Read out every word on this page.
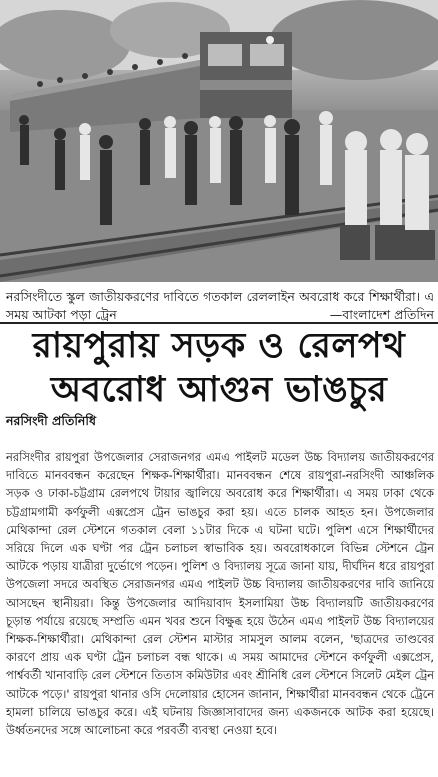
নরসিংদীতে স্কুল জাতীয়করণের দাবিতে গতকাল রেললাইন অবরোধ করে শিক্ষার্থীরা। এ সময় আটকা পড়া ট্রেন	—বাংলাদেশ প্রতিদিন
রায়পুরায় সড়ক ও রেলপথ
অবরোধ আগুন ভাঙচুর
নরসিংদী প্রতিনিধি

নরসিংদীর রায়পুরা উপজেলার সেরাজনগর এমএ পাইলট মডেল উচ্চ বিদ্যালয় জাতীয়করণের দাবিতে মানববন্ধন করেছেন শিক্ষক-শিক্ষার্থীরা। মানববন্ধন শেষে রায়পুরা-নরসিংদী আঞ্চলিক সড়ক ও ঢাকা-চট্টগ্রাম রেলপথে টায়ার জ্বালিয়ে অবরোধ করে শিক্ষার্থীরা। এ সময় ঢাকা থেকে চট্টগ্রামগামী কর্ণফুলী এক্সপ্রেস ট্রেন ভাঙচুর করা হয়। এতে চালক আহত হন। উপজেলার মেথিকান্দা রেল স্টেশনে গতকাল বেলা ১১টার দিকে এ ঘটনা ঘটে। পুলিশ এসে শিক্ষার্থীদের সরিয়ে দিলে এক ঘণ্টা পর ট্রেন চলাচল স্বাভাবিক হয়। অবরোধকালে বিভিন্ন স্টেশনে ট্রেন আটকে পড়ায় যাত্রীরা দুর্ভোগে পড়েন। পুলিশ ও বিদ্যালয় সূত্রে জানা যায়, দীর্ঘদিন ধরে রায়পুরা উপজেলা সদরে অবস্থিত সেরাজনগর এমএ পাইলট উচ্চ বিদ্যালয় জাতীয়করণের দাবি জানিয়ে আসছেন স্থানীয়রা। কিন্তু উপজেলার আদিয়াবাদ ইসলামিয়া উচ্চ বিদ্যালয়টি জাতীয়করণের চূড়ান্ত পর্যায়ে রয়েছে সম্প্রতি এমন খবর শুনে বিক্ষুব্ধ হয়ে উঠেন এমএ পাইলট উচ্চ বিদ্যালয়ের শিক্ষক-শিক্ষার্থীরা। মেথিকান্দা রেল স্টেশন মাস্টার সামসুল আলম বলেন, 'ছাত্রদের তাণ্ডবের কারণে প্রায় এক ঘণ্টা ট্রেন চলাচল বন্ধ থাকে। এ সময় আমাদের স্টেশনে কর্ণফুলী এক্সপ্রেস, পার্শ্ববর্তী খানাবাড়ি রেল স্টেশনে তিতাস কমিউটার এবং শ্রীনিধি রেল স্টেশনে সিলেট মেইল ট্রেন আটকে পড়ে।' রায়পুরা থানার ওসি দেলোয়ার হোসেন জানান, শিক্ষার্থীরা মানববন্ধন থেকে ট্রেনে হামলা চালিয়ে ভাঙচুর করে। এই ঘটনায় জিজ্ঞাসাবাদের জন্য একজনকে আটক করা হয়েছে। উর্ধ্বতনদের সঙ্গে আলোচনা করে পরবর্তী ব্যবস্থা নেওয়া হবে।
